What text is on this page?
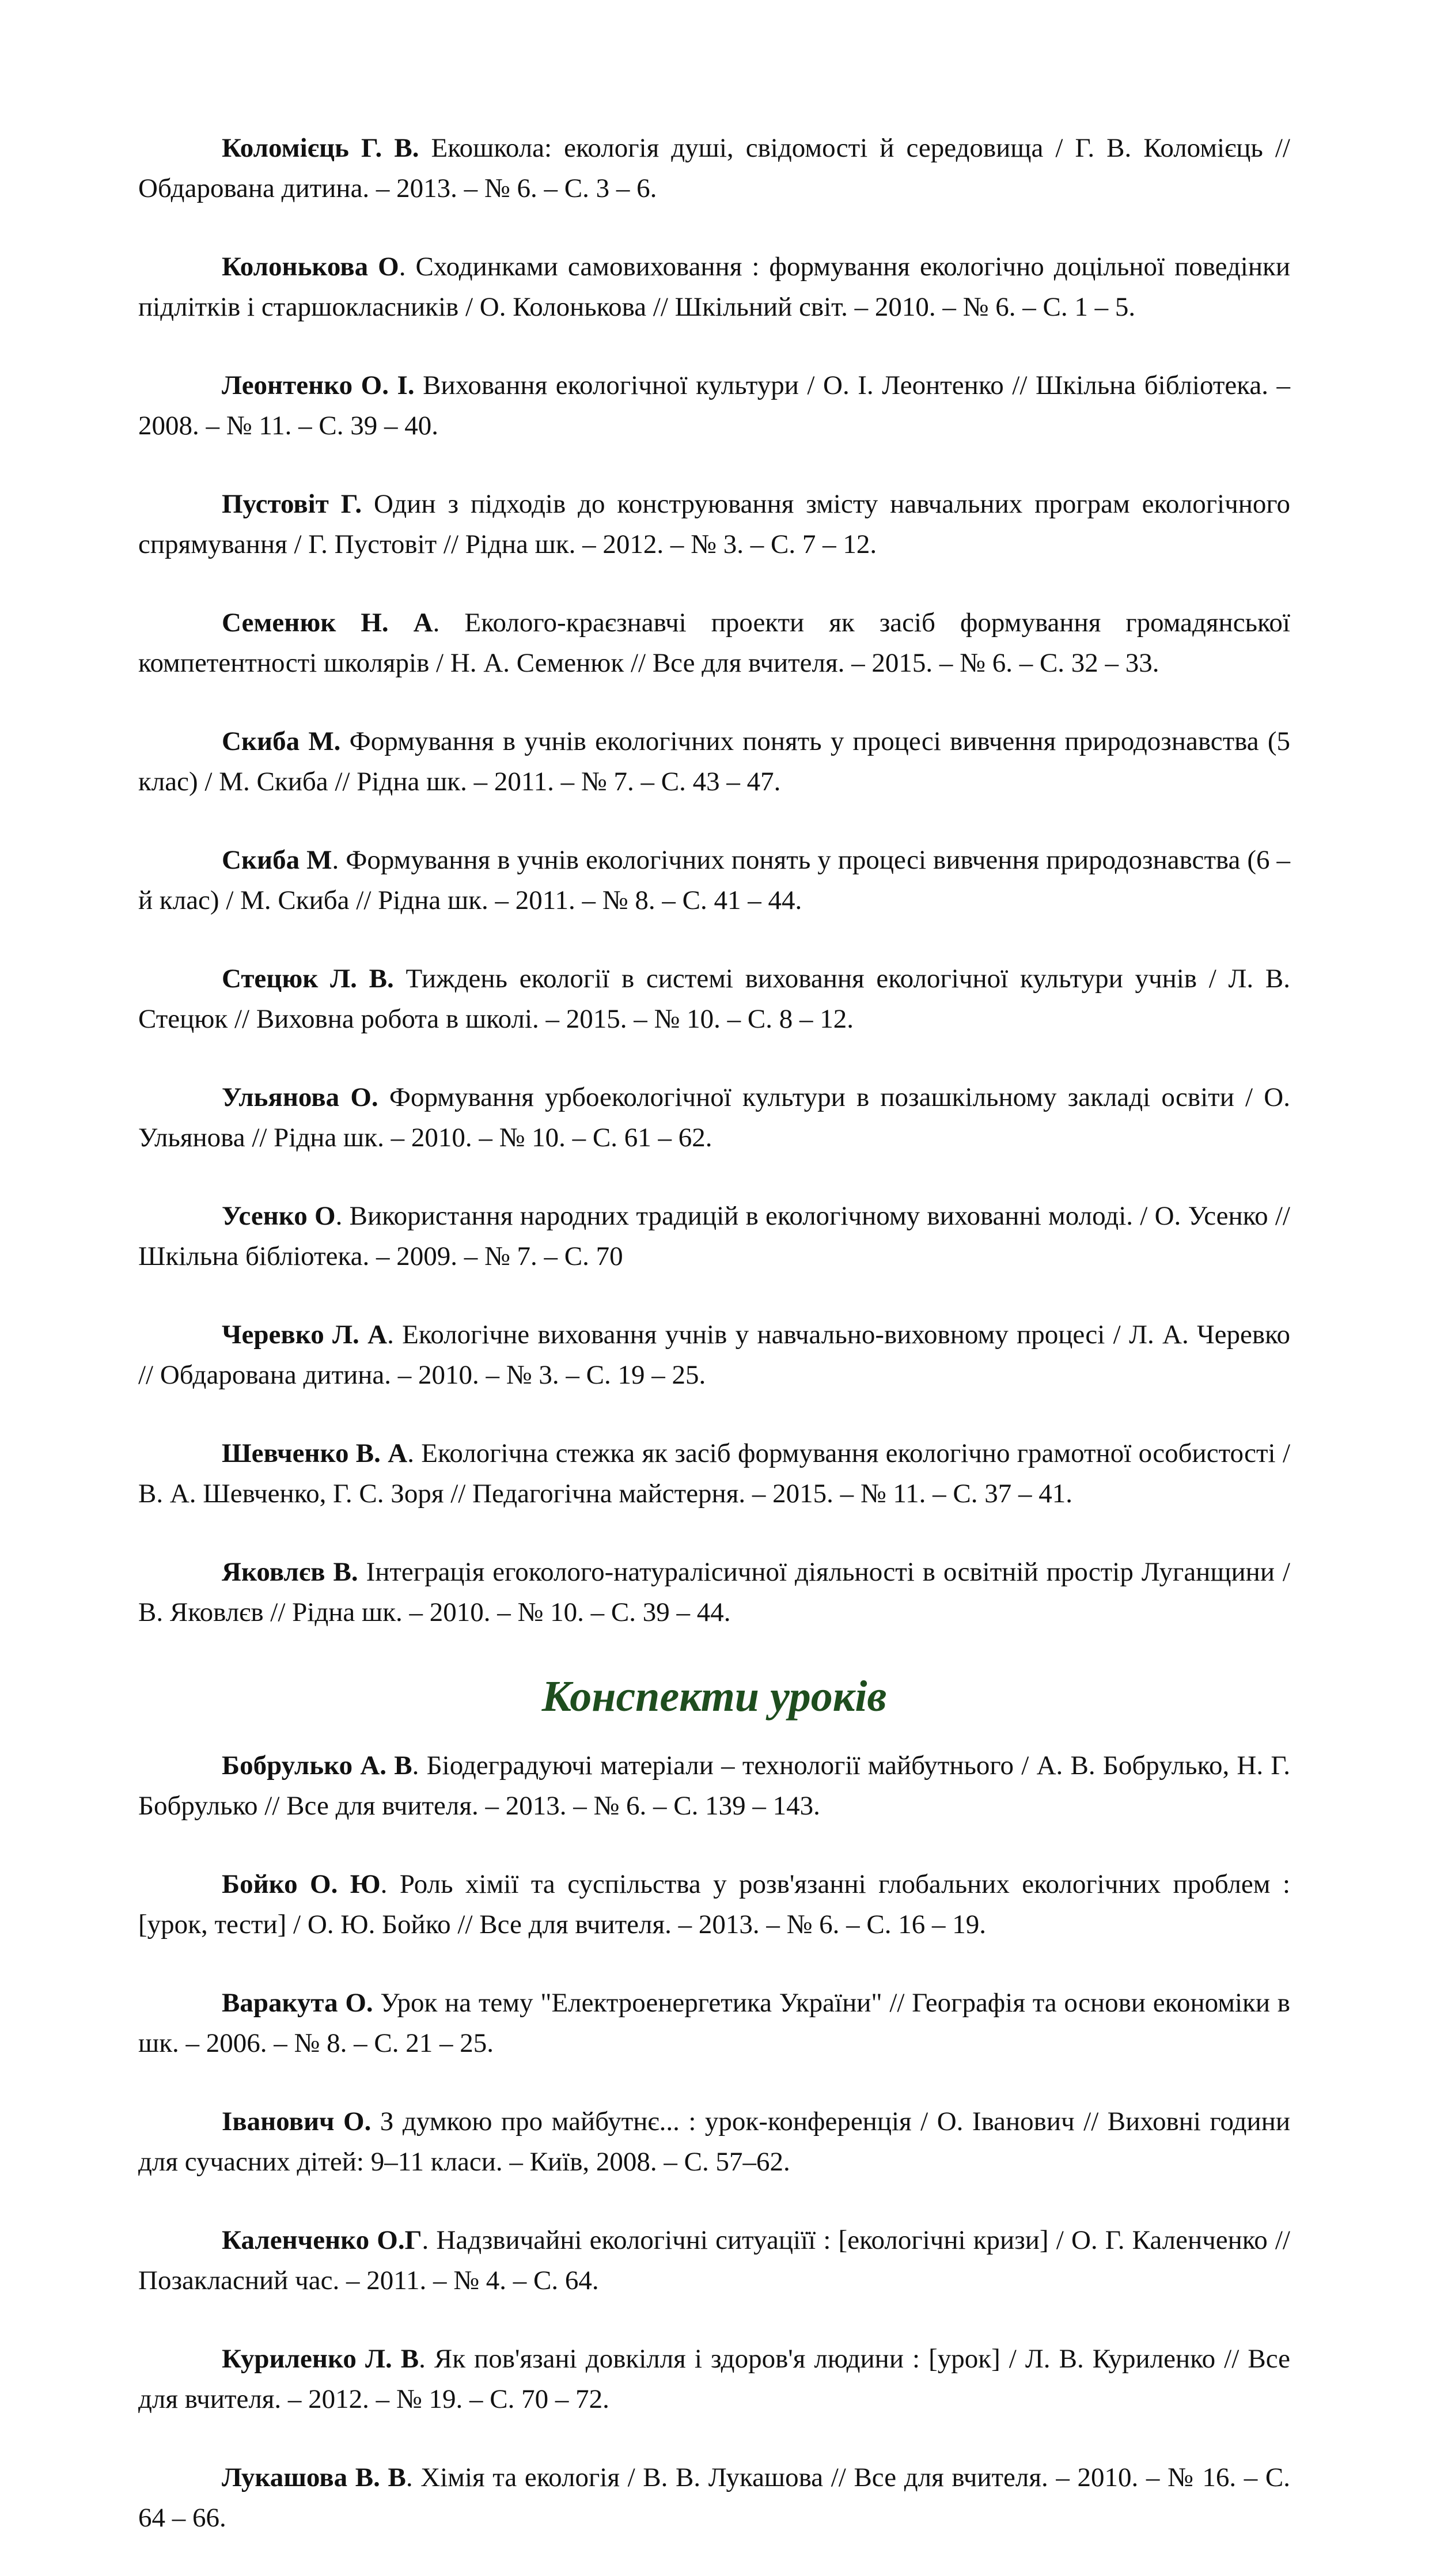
Коломієць Г. В. Екошкола: екологія душі, свідомості й середовища / Г. В. Коломієць // Обдарована дитина. – 2013. – № 6. – С. 3 – 6.

Колонькова О. Сходинками самовиховання : формування екологічно доцільної поведінки підлітків і старшокласників / О. Колонькова // Шкільний світ. – 2010. – № 6. – С. 1 – 5.

Леонтенко О. І. Виховання екологічної культури / О. І. Леонтенко // Шкільна бібліотека. – 2008. – № 11. – С. 39 – 40.

Пустовіт Г. Один з підходів до конструювання змісту навчальних програм екологічного спрямування / Г. Пустовіт // Рідна шк. – 2012. – № 3. – С. 7 – 12.

Семенюк Н. А. Еколого-краєзнавчі проекти як засіб формування громадянської компетентності школярів / Н. А. Семенюк // Все для вчителя. – 2015. – № 6. – С. 32 – 33.

Скиба М. Формування в учнів екологічних понять у процесі вивчення природознавства (5 клас) / М. Скиба // Рідна шк. – 2011. – № 7. – С. 43 – 47.

Скиба М. Формування в учнів екологічних понять у процесі вивчення природознавства (6 –й клас) / М. Скиба // Рідна шк. – 2011. – № 8. – С. 41 – 44.

Стецюк Л. В. Тиждень екології в системі виховання екологічної культури учнів / Л. В. Стецюк // Виховна робота в школі. – 2015. – № 10. – С. 8 – 12.

Ульянова О. Формування урбоекологічної культури в позашкільному закладі освіти / О. Ульянова // Рідна шк. – 2010. – № 10. – С. 61 – 62.

Усенко О. Використання народних традицій в екологічному вихованні молоді. / О. Усенко // Шкільна бібліотека. – 2009. – № 7. – С. 70

Черевко Л. А. Екологічне виховання учнів у навчально-виховному процесі / Л. А. Черевко // Обдарована дитина. – 2010. – № 3. – С. 19 – 25.

Шевченко В. А. Екологічна стежка як засіб формування екологічно грамотної особистості / В. А. Шевченко, Г. С. Зоря // Педагогічна майстерня. – 2015. – № 11. – С. 37 – 41.

Яковлєв В. Інтеграція егоколого-натуралісичної діяльності в освітній простір Луганщини / В. Яковлєв // Рідна шк. – 2010. – № 10. – С. 39 – 44.

Конспекти уроків

Бобрулько А. В. Біодеградуючі матеріали – технології майбутнього / А. В. Бобрулько, Н. Г. Бобрулько // Все для вчителя. – 2013. – № 6. – С. 139 – 143.

Бойко О. Ю. Роль хімії та суспільства у розв'язанні глобальних екологічних проблем : [урок, тести] / О. Ю. Бойко // Все для вчителя. – 2013. – № 6. – С. 16 – 19.

Варакута О. Урок на тему "Електроенергетика України" // Географія та основи економіки в шк. – 2006. – № 8. – С. 21 – 25.

Іванович О. З думкою про майбутнє... : урок-конференція / О. Іванович // Виховні години для сучасних дітей: 9–11 класи. – Київ, 2008. – С. 57–62.

Каленченко О.Г. Надзвичайні екологічні ситуаціїї : [екологічні кризи] / О. Г. Каленченко // Позакласний час. – 2011. – № 4. – С. 64.

Куриленко Л. В. Як пов'язані довкілля і здоров'я людини : [урок] / Л. В. Куриленко // Все для вчителя. – 2012. – № 19. – С. 70 – 72.

Лукашова В. В. Хімія та екологія / В. В. Лукашова // Все для вчителя. – 2010. – № 16. – С. 64 – 66.
